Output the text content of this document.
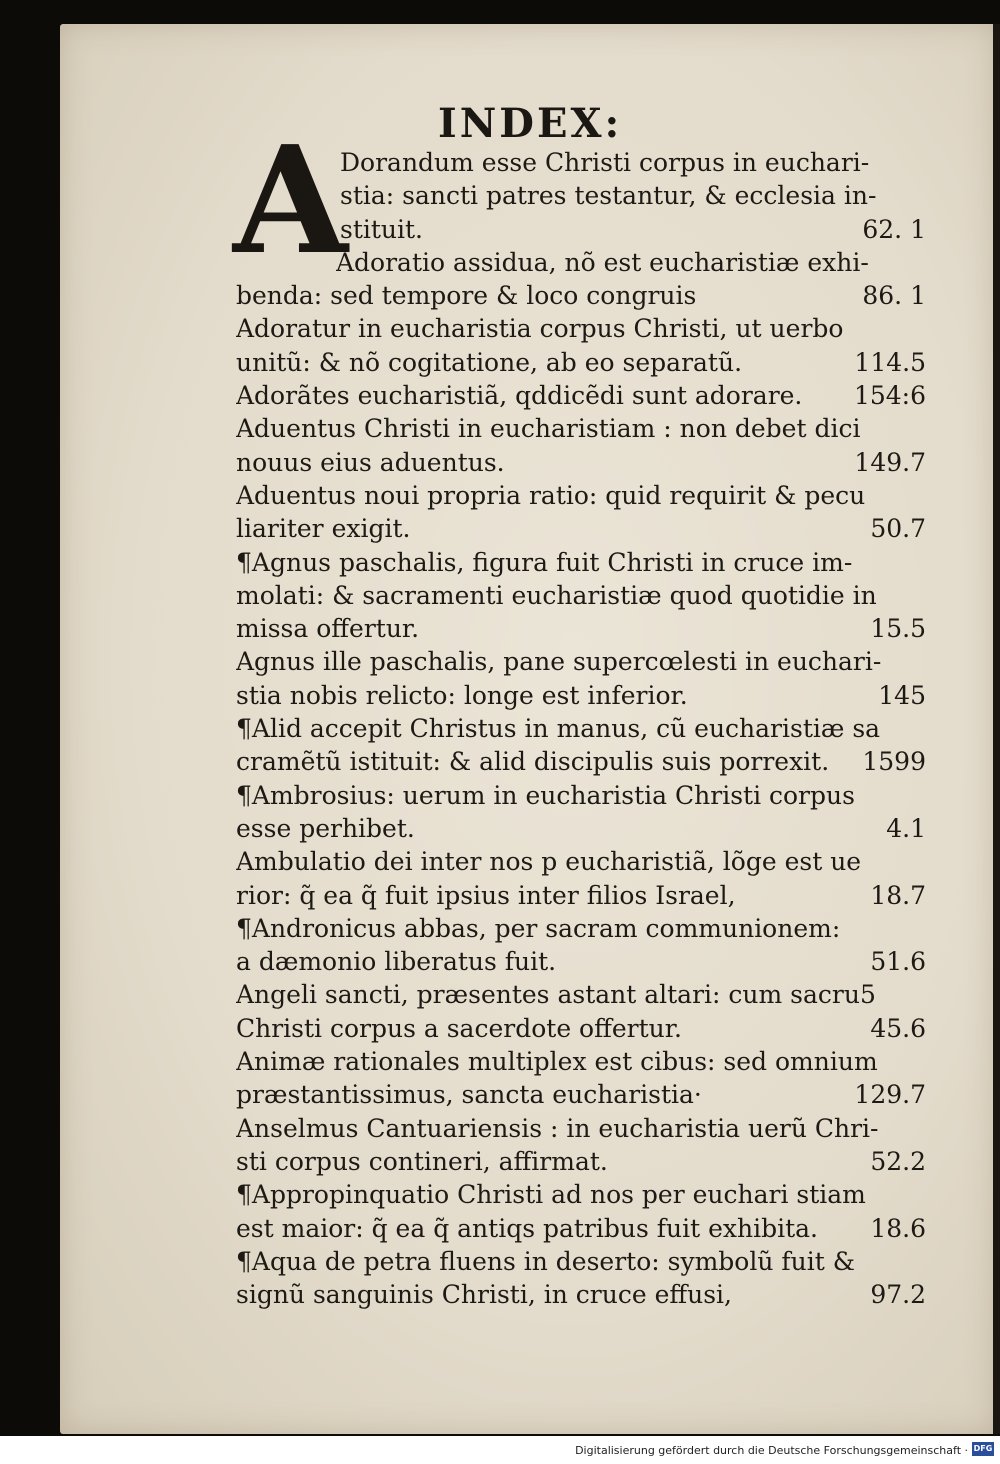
INDEX:
A
Dorandum esse Christi corpus in euchari-
stia: sancti patres testantur, & ecclesia in-
stituit.	62. 1
Adoratio assidua, nõ est eucharistiæ exhi-
benda: sed tempore & loco congruis	86. 1
Adoratur in eucharistia corpus Christi, ut uerbo
unitũ: & nõ cogitatione, ab eo separatũ.	114.5
Adorãtes eucharistiã, qddicẽdi sunt adorare.	154:6
Aduentus Christi in eucharistiam : non debet dici
nouus eius aduentus.	149.7
Aduentus noui propria ratio: quid requirit & pecu
liariter exigit.	50.7
¶Agnus paschalis, figura fuit Christi in cruce im-
molati: & sacramenti eucharistiæ quod quotidie in
missa offertur.	15.5
Agnus ille paschalis, pane supercœlesti in euchari-
stia nobis relicto: longe est inferior.	145
¶Alid accepit Christus in manus, cũ eucharistiæ sa
cramẽtũ istituit: & alid discipulis suis porrexit.	1599
¶Ambrosius: uerum in eucharistia Christi corpus
esse perhibet.	4.1
Ambulatio dei inter nos p eucharistiã, lõge est ue
rior: q̃ ea q̃ fuit ipsius inter filios Israel,	18.7
¶Andronicus abbas, per sacram communionem:
a dæmonio liberatus fuit.	51.6
Angeli sancti, præsentes astant altari: cum sacru5
Christi corpus a sacerdote offertur.	45.6
Animæ rationales multiplex est cibus: sed omnium
præstantissimus, sancta eucharistia·	129.7
Anselmus Cantuariensis : in eucharistia uerũ Chri-
sti corpus contineri, affirmat.	52.2
¶Appropinquatio Christi ad nos per euchari stiam
est maior: q̃ ea q̃ antiqs patribus fuit exhibita.	18.6
¶Aqua de petra fluens in deserto: symbolũ fuit &
signũ sanguinis Christi, in cruce effusi,	97.2
Digitalisierung gefördert durch die Deutsche Forschungsgemeinschaft · DFG
